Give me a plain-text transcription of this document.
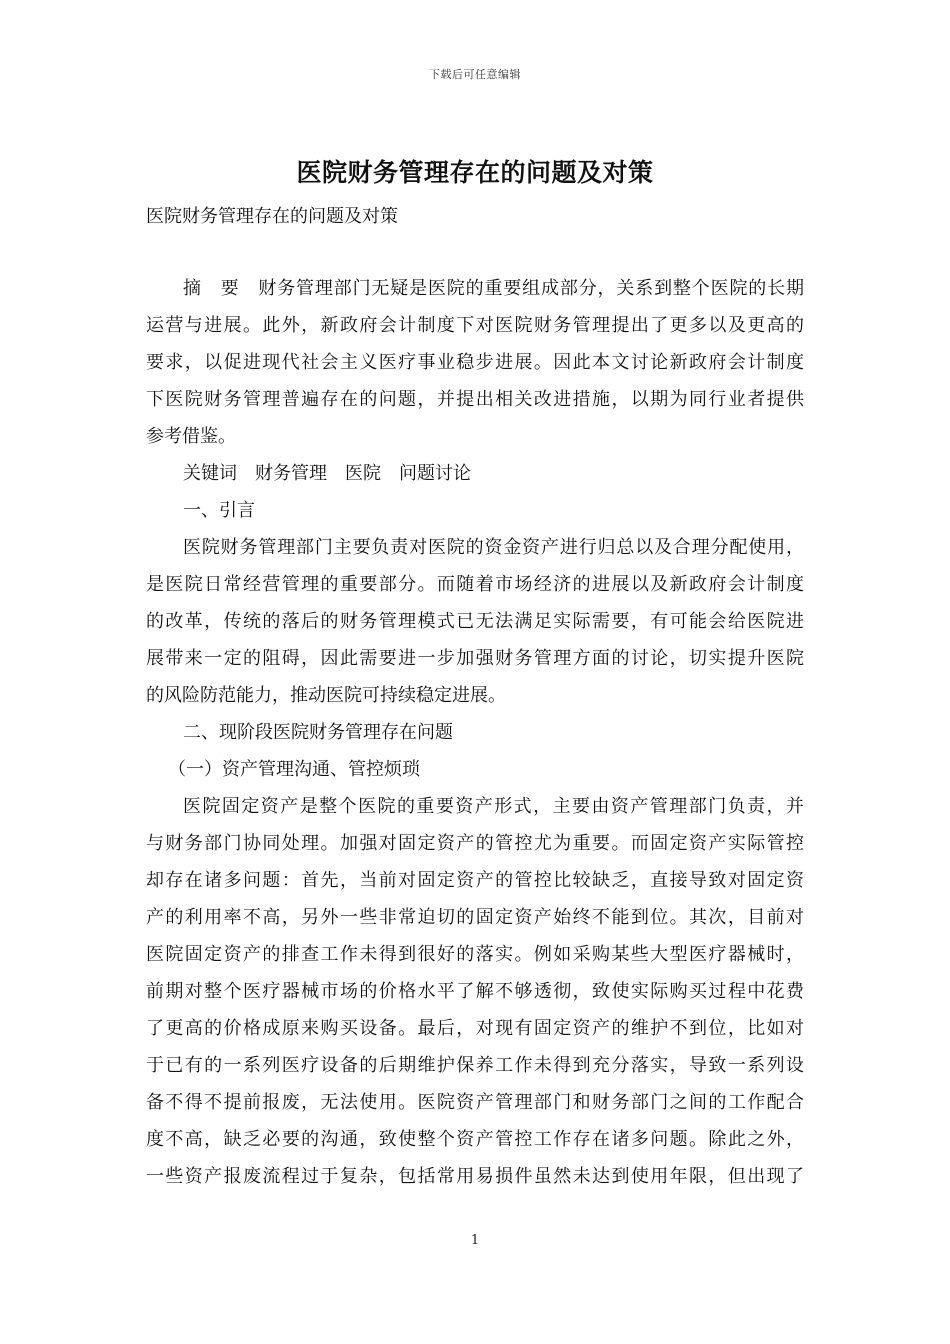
下载后可任意编辑
医院财务管理存在的问题及对策
医院财务管理存在的问题及对策
摘　要　财务管理部门无疑是医院的重要组成部分，关系到整个医院的长期
运营与进展。此外，新政府会计制度下对医院财务管理提出了更多以及更高的
要求，以促进现代社会主义医疗事业稳步进展。因此本文讨论新政府会计制度
下医院财务管理普遍存在的问题，并提出相关改进措施，以期为同行业者提供
参考借鉴。
关键词　财务管理　医院　问题讨论
一、引言
医院财务管理部门主要负责对医院的资金资产进行归总以及合理分配使用，
是医院日常经营管理的重要部分。而随着市场经济的进展以及新政府会计制度
的改革，传统的落后的财务管理模式已无法满足实际需要，有可能会给医院进
展带来一定的阻碍，因此需要进一步加强财务管理方面的讨论，切实提升医院
的风险防范能力，推动医院可持续稳定进展。
二、现阶段医院财务管理存在问题
（一）资产管理沟通、管控烦琐
医院固定资产是整个医院的重要资产形式，主要由资产管理部门负责，并
与财务部门协同处理。加强对固定资产的管控尤为重要。而固定资产实际管控
却存在诸多问题：首先，当前对固定资产的管控比较缺乏，直接导致对固定资
产的利用率不高，另外一些非常迫切的固定资产始终不能到位。其次，目前对
医院固定资产的排查工作未得到很好的落实。例如采购某些大型医疗器械时，
前期对整个医疗器械市场的价格水平了解不够透彻，致使实际购买过程中花费
了更高的价格成原来购买设备。最后，对现有固定资产的维护不到位，比如对
于已有的一系列医疗设备的后期维护保养工作未得到充分落实，导致一系列设
备不得不提前报废，无法使用。医院资产管理部门和财务部门之间的工作配合
度不高，缺乏必要的沟通，致使整个资产管控工作存在诸多问题。除此之外，
一些资产报废流程过于复杂，包括常用易损件虽然未达到使用年限，但出现了
1
